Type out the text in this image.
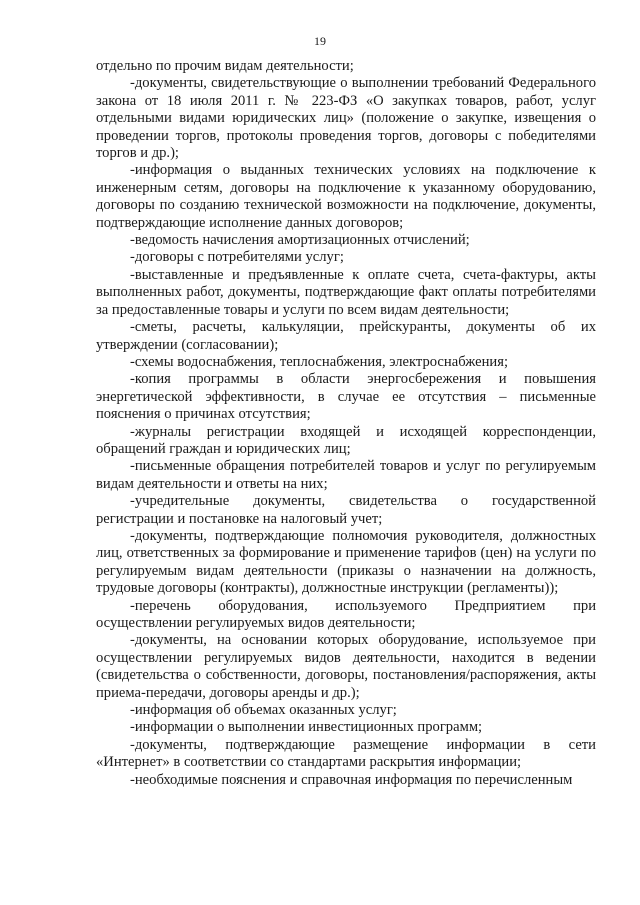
19

отдельно по прочим видам деятельности;

-документы, свидетельствующие о выполнении требований Федерального закона от 18 июля 2011 г. № 223-ФЗ «О закупках товаров, работ, услуг отдельными видами юридических лиц» (положение о закупке, извещения о проведении торгов, протоколы проведения торгов, договоры с победителями торгов и др.);

-информация о выданных технических условиях на подключение к инженерным сетям, договоры на подключение к указанному оборудованию, договоры по созданию технической возможности на подключение, документы, подтверждающие исполнение данных договоров;

-ведомость начисления амортизационных отчислений;

-договоры с потребителями услуг;

-выставленные и предъявленные к оплате счета, счета-фактуры, акты выполненных работ, документы, подтверждающие факт оплаты потребителями за предоставленные товары и услуги по всем видам деятельности;

-сметы, расчеты, калькуляции, прейскуранты, документы об их утверждении (согласовании);

-схемы водоснабжения, теплоснабжения, электроснабжения;

-копия программы в области энергосбережения и повышения энергетической эффективности, в случае ее отсутствия – письменные пояснения о причинах отсутствия;

-журналы регистрации входящей и исходящей корреспонденции, обращений граждан и юридических лиц;

-письменные обращения потребителей товаров и услуг по регулируемым видам деятельности и ответы на них;

-учредительные документы, свидетельства о государственной регистрации и постановке на налоговый учет;

-документы, подтверждающие полномочия руководителя, должностных лиц, ответственных за формирование и применение тарифов (цен) на услуги по регулируемым видам деятельности (приказы о назначении на должность, трудовые договоры (контракты), должностные инструкции (регламенты));

-перечень оборудования, используемого Предприятием при осуществлении регулируемых видов деятельности;

-документы, на основании которых оборудование, используемое при осуществлении регулируемых видов деятельности, находится в ведении (свидетельства о собственности, договоры, постановления/распоряжения, акты приема-передачи, договоры аренды и др.);

-информация об объемах оказанных услуг;

-информации о выполнении инвестиционных программ;

-документы, подтверждающие размещение информации в сети «Интернет» в соответствии со стандартами раскрытия информации;

-необходимые пояснения и справочная информация по перечисленным
